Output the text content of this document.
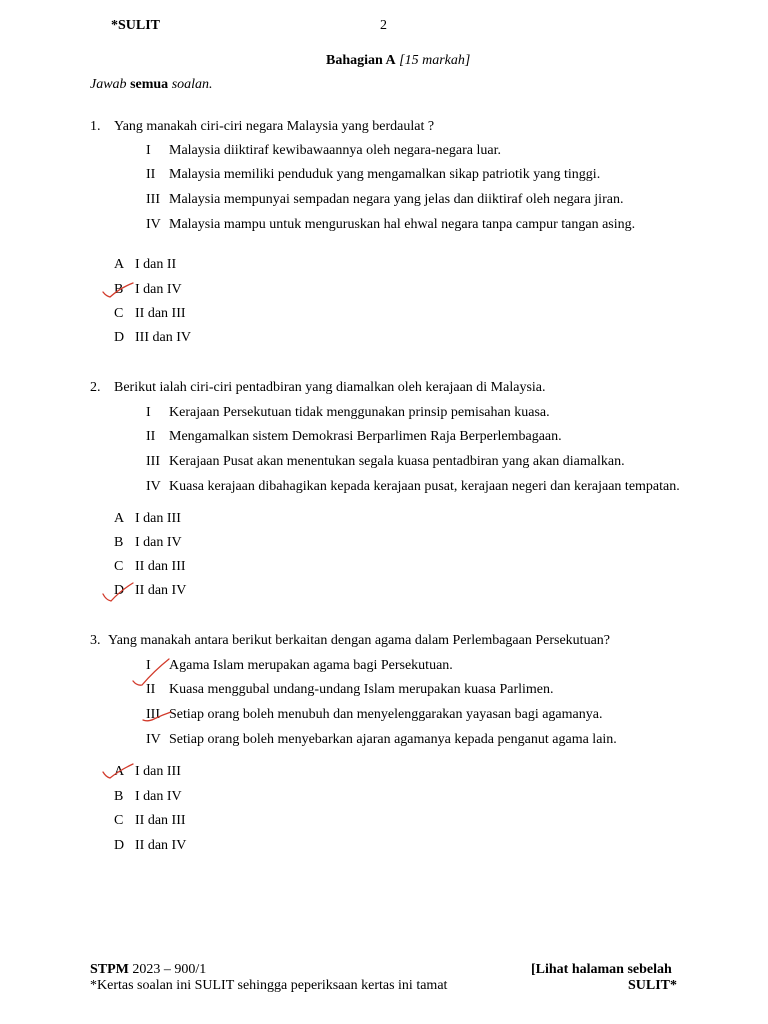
*SULIT	2
Bahagian A [15 markah]
Jawab semua soalan.
1. Yang manakah ciri-ciri negara Malaysia yang berdaulat ?
I Malaysia diiktiraf kewibawaannya oleh negara-negara luar.
II Malaysia memiliki penduduk yang mengamalkan sikap patriotik yang tinggi.
III Malaysia mempunyai sempadan negara yang jelas dan diiktiraf oleh negara jiran.
IV Malaysia mampu untuk menguruskan hal ehwal negara tanpa campur tangan asing.
A I dan II
B I dan IV
C II dan III
D III dan IV
2. Berikut ialah ciri-ciri pentadbiran yang diamalkan oleh kerajaan di Malaysia.
I Kerajaan Persekutuan tidak menggunakan prinsip pemisahan kuasa.
II Mengamalkan sistem Demokrasi Berparlimen Raja Berperlembagaan.
III Kerajaan Pusat akan menentukan segala kuasa pentadbiran yang akan diamalkan.
IV Kuasa kerajaan dibahagikan kepada kerajaan pusat, kerajaan negeri dan kerajaan tempatan.
A I dan III
B I dan IV
C II dan III
D II dan IV
3. Yang manakah antara berikut berkaitan dengan agama dalam Perlembagaan Persekutuan?
I Agama Islam merupakan agama bagi Persekutuan.
II Kuasa menggubal undang-undang Islam merupakan kuasa Parlimen.
III Setiap orang boleh menubuh dan menyelenggarakan yayasan bagi agamanya.
IV Setiap orang boleh menyebarkan ajaran agamanya kepada penganut agama lain.
A I dan III
B I dan IV
C II dan III
D II dan IV
STPM 2023 – 900/1	[Lihat halaman sebelah
*Kertas soalan ini SULIT sehingga peperiksaan kertas ini tamat	SULIT*
